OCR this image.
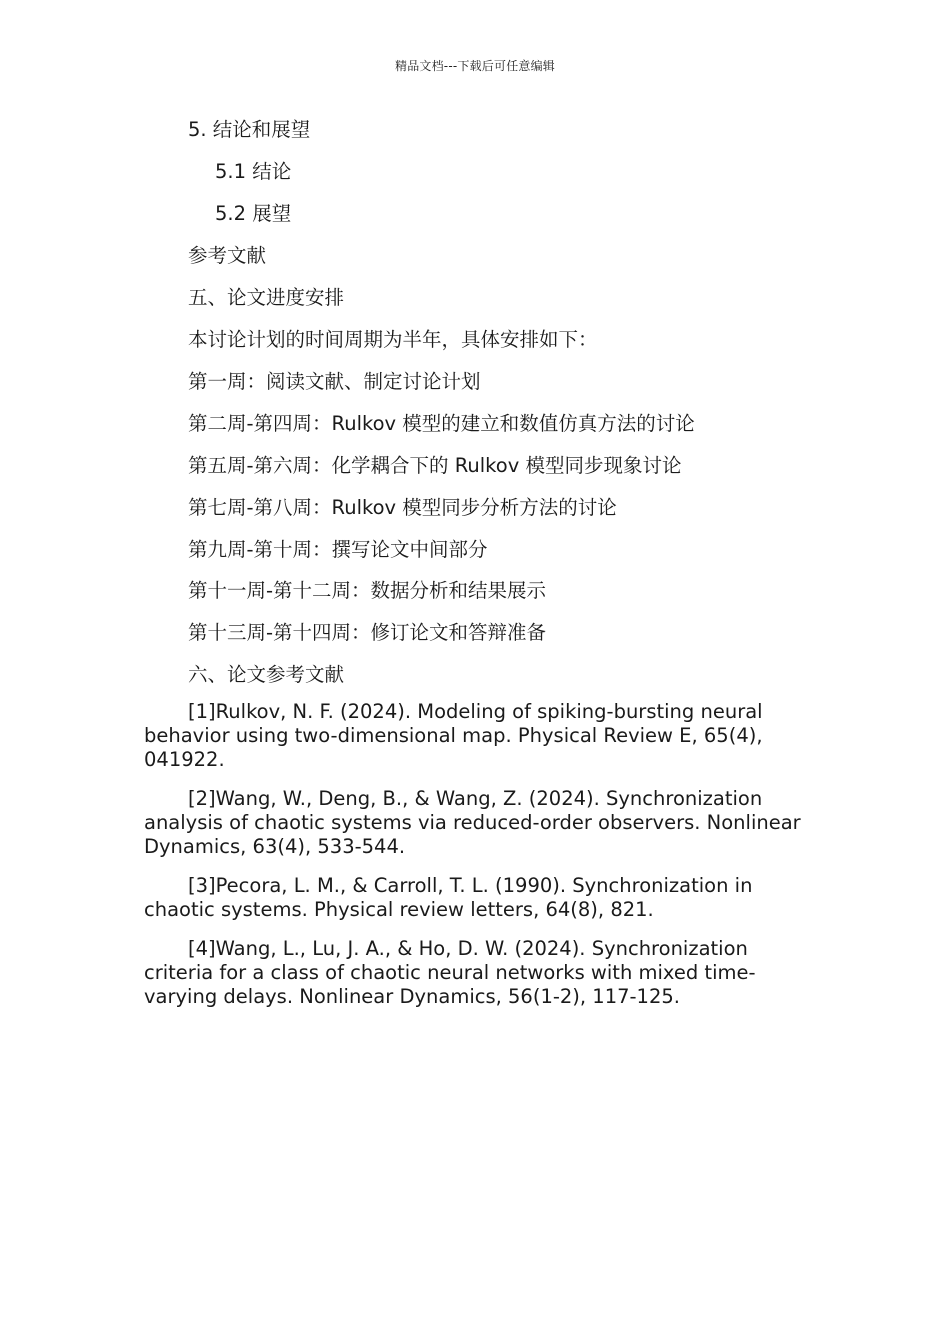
精品文档---下载后可任意编辑
5. 结论和展望
5.1 结论
5.2 展望
参考文献
五、论文进度安排
本讨论计划的时间周期为半年，具体安排如下：
第一周：阅读文献、制定讨论计划
第二周-第四周：Rulkov 模型的建立和数值仿真方法的讨论
第五周-第六周：化学耦合下的 Rulkov 模型同步现象讨论
第七周-第八周：Rulkov 模型同步分析方法的讨论
第九周-第十周：撰写论文中间部分
第十一周-第十二周：数据分析和结果展示
第十三周-第十四周：修订论文和答辩准备
六、论文参考文献
[1]Rulkov, N. F. (2024). Modeling of spiking-bursting neural behavior using two-dimensional map. Physical Review E, 65(4), 041922.
[2]Wang, W., Deng, B., & Wang, Z. (2024). Synchronization analysis of chaotic systems via reduced-order observers. Nonlinear Dynamics, 63(4), 533-544.
[3]Pecora, L. M., & Carroll, T. L. (1990). Synchronization in chaotic systems. Physical review letters, 64(8), 821.
[4]Wang, L., Lu, J. A., & Ho, D. W. (2024). Synchronization criteria for a class of chaotic neural networks with mixed time-varying delays. Nonlinear Dynamics, 56(1-2), 117-125.
